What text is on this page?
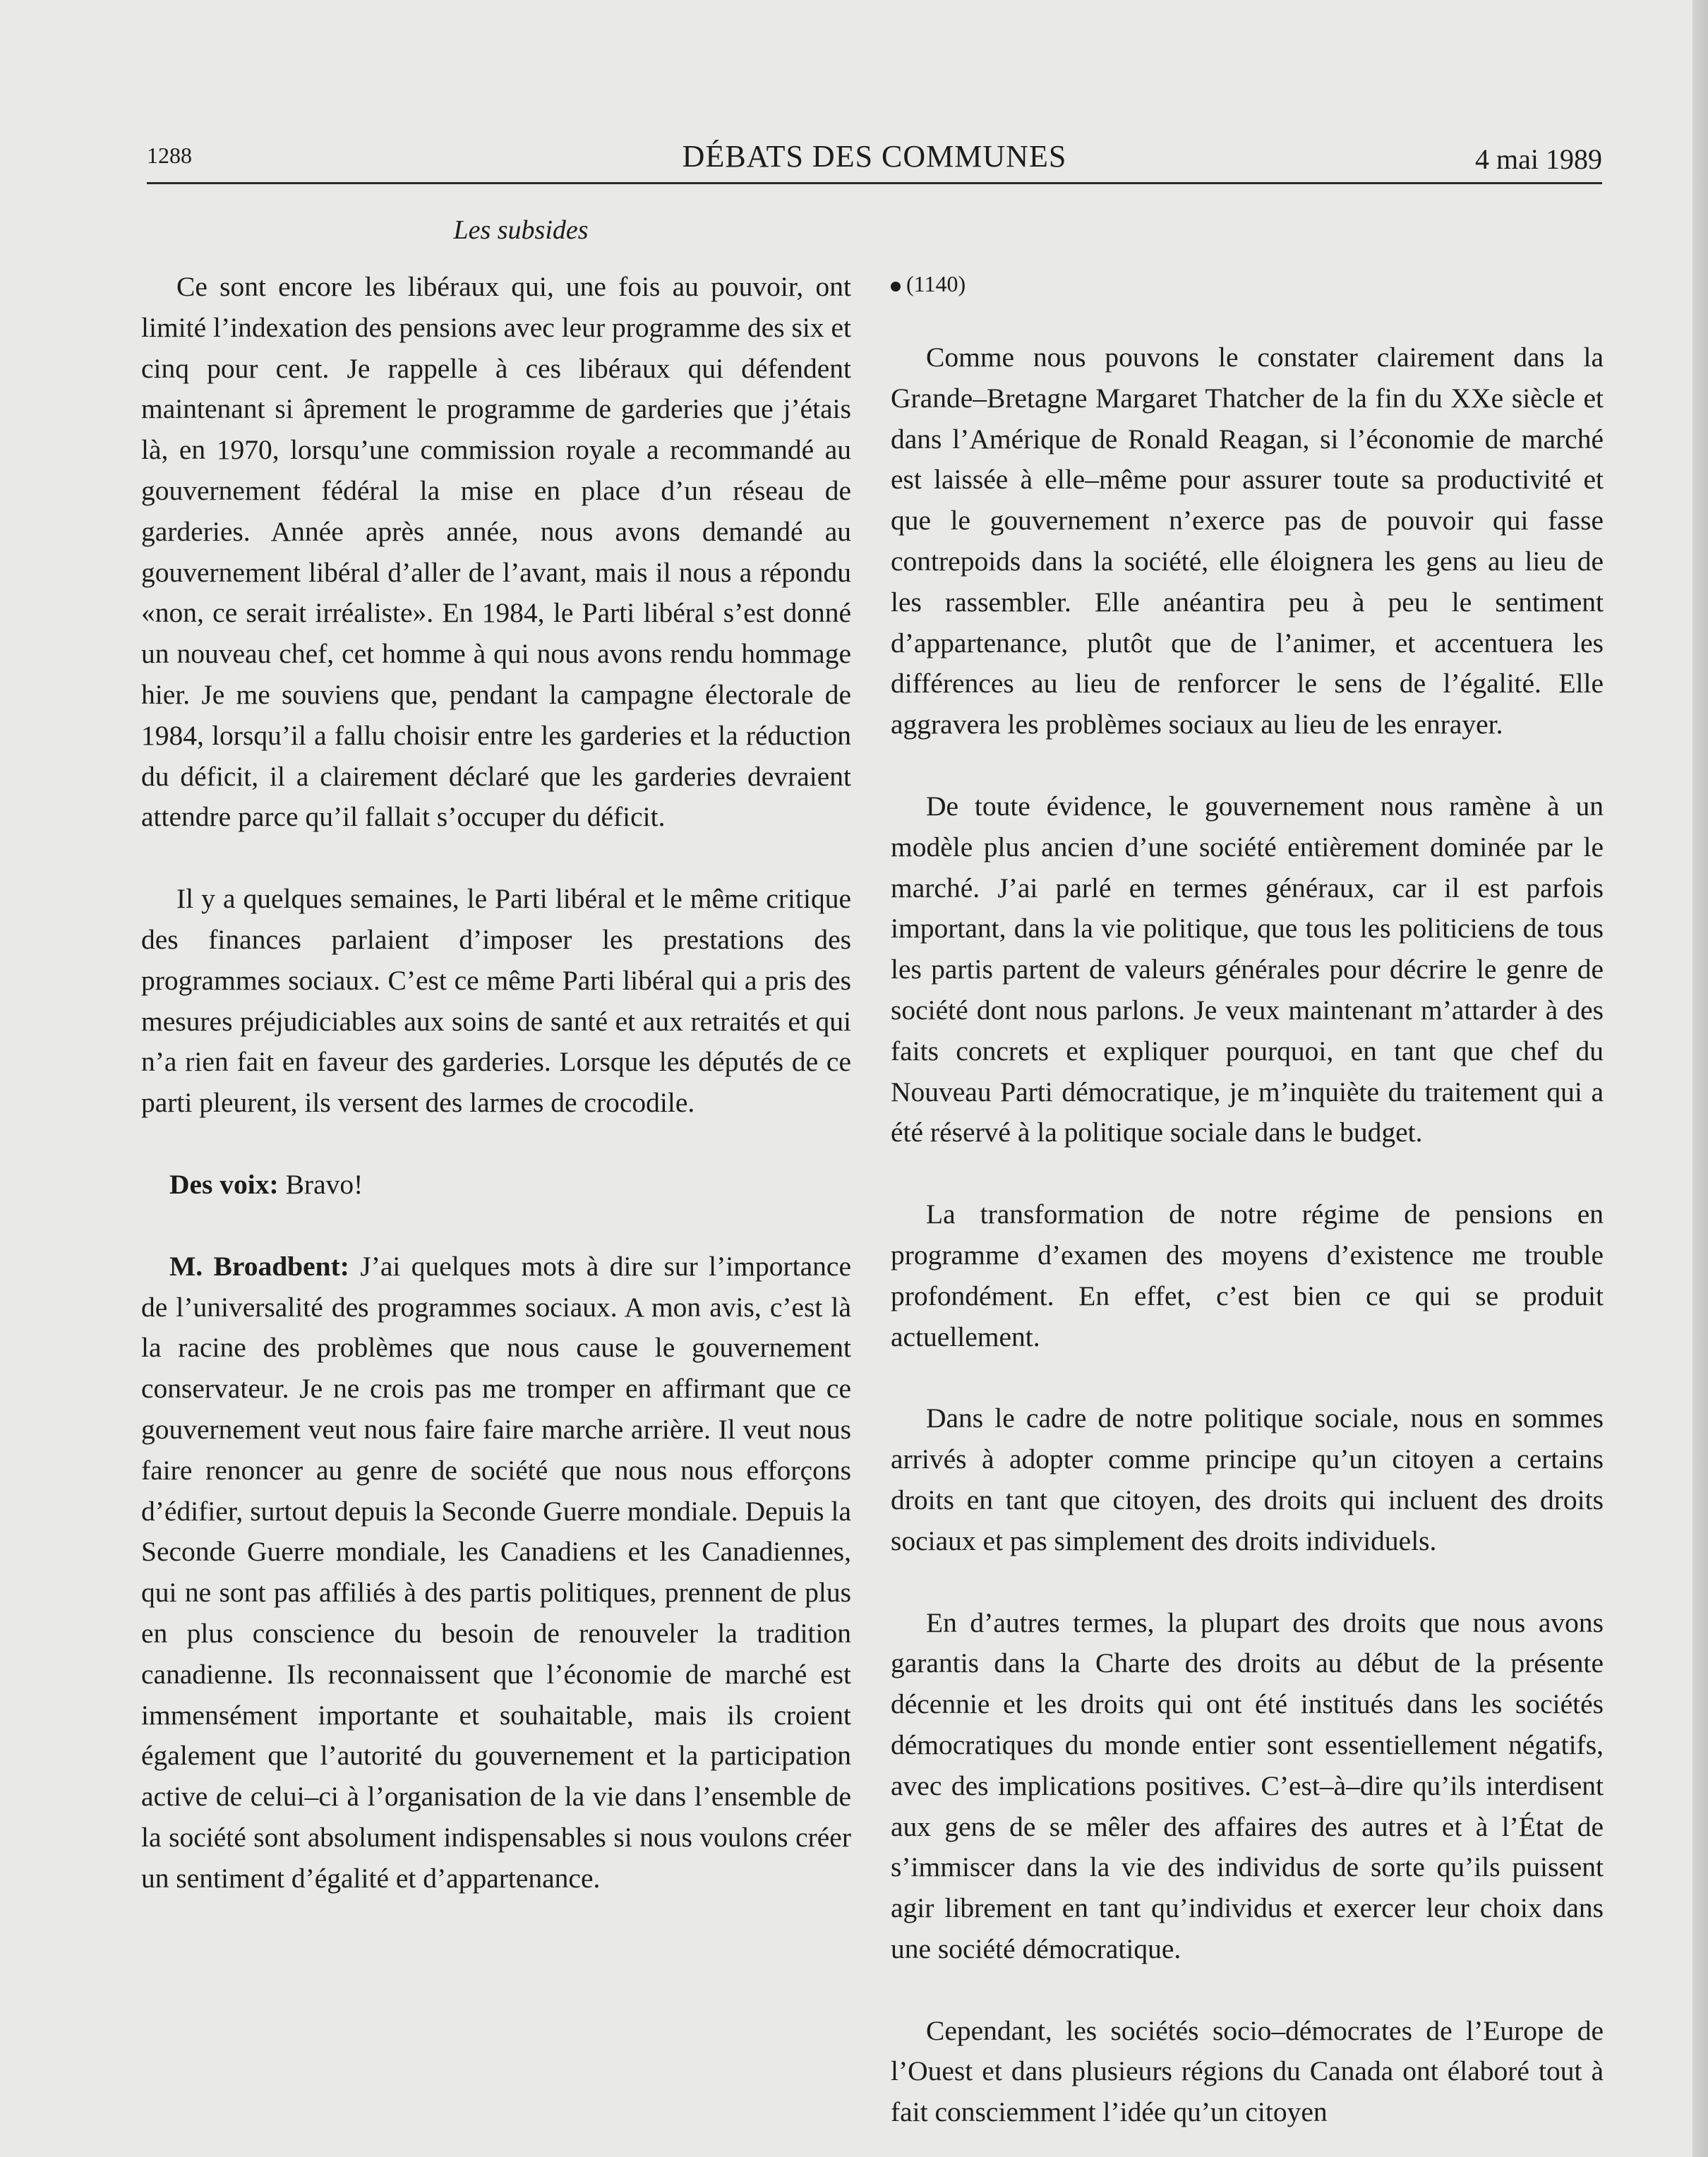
1288	DÉBATS DES COMMUNES	4 mai 1989
Les subsides

Ce sont encore les libéraux qui, une fois au pouvoir, ont limité l’indexation des pensions avec leur programme des six et cinq pour cent. Je rappelle à ces libéraux qui défendent maintenant si âprement le programme de garderies que j’étais là, en 1970, lorsqu’une commission royale a recommandé au gouvernement fédéral la mise en place d’un réseau de garderies. Année après année, nous avons demandé au gouvernement libéral d’aller de l’avant, mais il nous a répondu «non, ce serait irréaliste». En 1984, le Parti libéral s’est donné un nouveau chef, cet homme à qui nous avons rendu hommage hier. Je me souviens que, pendant la campagne électorale de 1984, lorsqu’il a fallu choisir entre les garderies et la réduction du déficit, il a clairement déclaré que les garderies devraient attendre parce qu’il fallait s’occuper du déficit.

Il y a quelques semaines, le Parti libéral et le même critique des finances parlaient d’imposer les prestations des programmes sociaux. C’est ce même Parti libéral qui a pris des mesures préjudiciables aux soins de santé et aux retraités et qui n’a rien fait en faveur des garderies. Lorsque les députés de ce parti pleurent, ils versent des larmes de crocodile.

Des voix: Bravo!

M. Broadbent: J’ai quelques mots à dire sur l’importance de l’universalité des programmes sociaux. A mon avis, c’est là la racine des problèmes que nous cause le gouvernement conservateur. Je ne crois pas me tromper en affirmant que ce gouvernement veut nous faire faire marche arrière. Il veut nous faire renoncer au genre de société que nous nous efforçons d’édifier, surtout depuis la Seconde Guerre mondiale. Depuis la Seconde Guerre mondiale, les Canadiens et les Canadiennes, qui ne sont pas affiliés à des partis politiques, prennent de plus en plus conscience du besoin de renouveler la tradition canadienne. Ils reconnaissent que l’économie de marché est immensément importante et souhaitable, mais ils croient également que l’autorité du gouvernement et la participation active de celui–ci à l’organisation de la vie dans l’ensemble de la société sont absolument indispensables si nous voulons créer un sentiment d’égalité et d’appartenance.

(1140)

Comme nous pouvons le constater clairement dans la Grande–Bretagne Margaret Thatcher de la fin du XXe siècle et dans l’Amérique de Ronald Reagan, si l’économie de marché est laissée à elle–même pour assurer toute sa productivité et que le gouvernement n’exerce pas de pouvoir qui fasse contrepoids dans la société, elle éloignera les gens au lieu de les rassembler. Elle anéantira peu à peu le sentiment d’appartenance, plutôt que de l’animer, et accentuera les différences au lieu de renforcer le sens de l’égalité. Elle aggravera les problèmes sociaux au lieu de les enrayer.

De toute évidence, le gouvernement nous ramène à un modèle plus ancien d’une société entièrement dominée par le marché. J’ai parlé en termes généraux, car il est parfois important, dans la vie politique, que tous les politiciens de tous les partis partent de valeurs générales pour décrire le genre de société dont nous parlons. Je veux maintenant m’attarder à des faits concrets et expliquer pourquoi, en tant que chef du Nouveau Parti démocratique, je m’inquiète du traitement qui a été réservé à la politique sociale dans le budget.

La transformation de notre régime de pensions en programme d’examen des moyens d’existence me trouble profondément. En effet, c’est bien ce qui se produit actuellement.

Dans le cadre de notre politique sociale, nous en sommes arrivés à adopter comme principe qu’un citoyen a certains droits en tant que citoyen, des droits qui incluent des droits sociaux et pas simplement des droits individuels.

En d’autres termes, la plupart des droits que nous avons garantis dans la Charte des droits au début de la présente décennie et les droits qui ont été institués dans les sociétés démocratiques du monde entier sont essentiellement négatifs, avec des implications positives. C’est–à–dire qu’ils interdisent aux gens de se mêler des affaires des autres et à l’État de s’immiscer dans la vie des individus de sorte qu’ils puissent agir librement en tant qu’individus et exercer leur choix dans une société démocratique.

Cependant, les sociétés socio–démocrates de l’Europe de l’Ouest et dans plusieurs régions du Canada ont élaboré tout à fait consciemment l’idée qu’un citoyen
